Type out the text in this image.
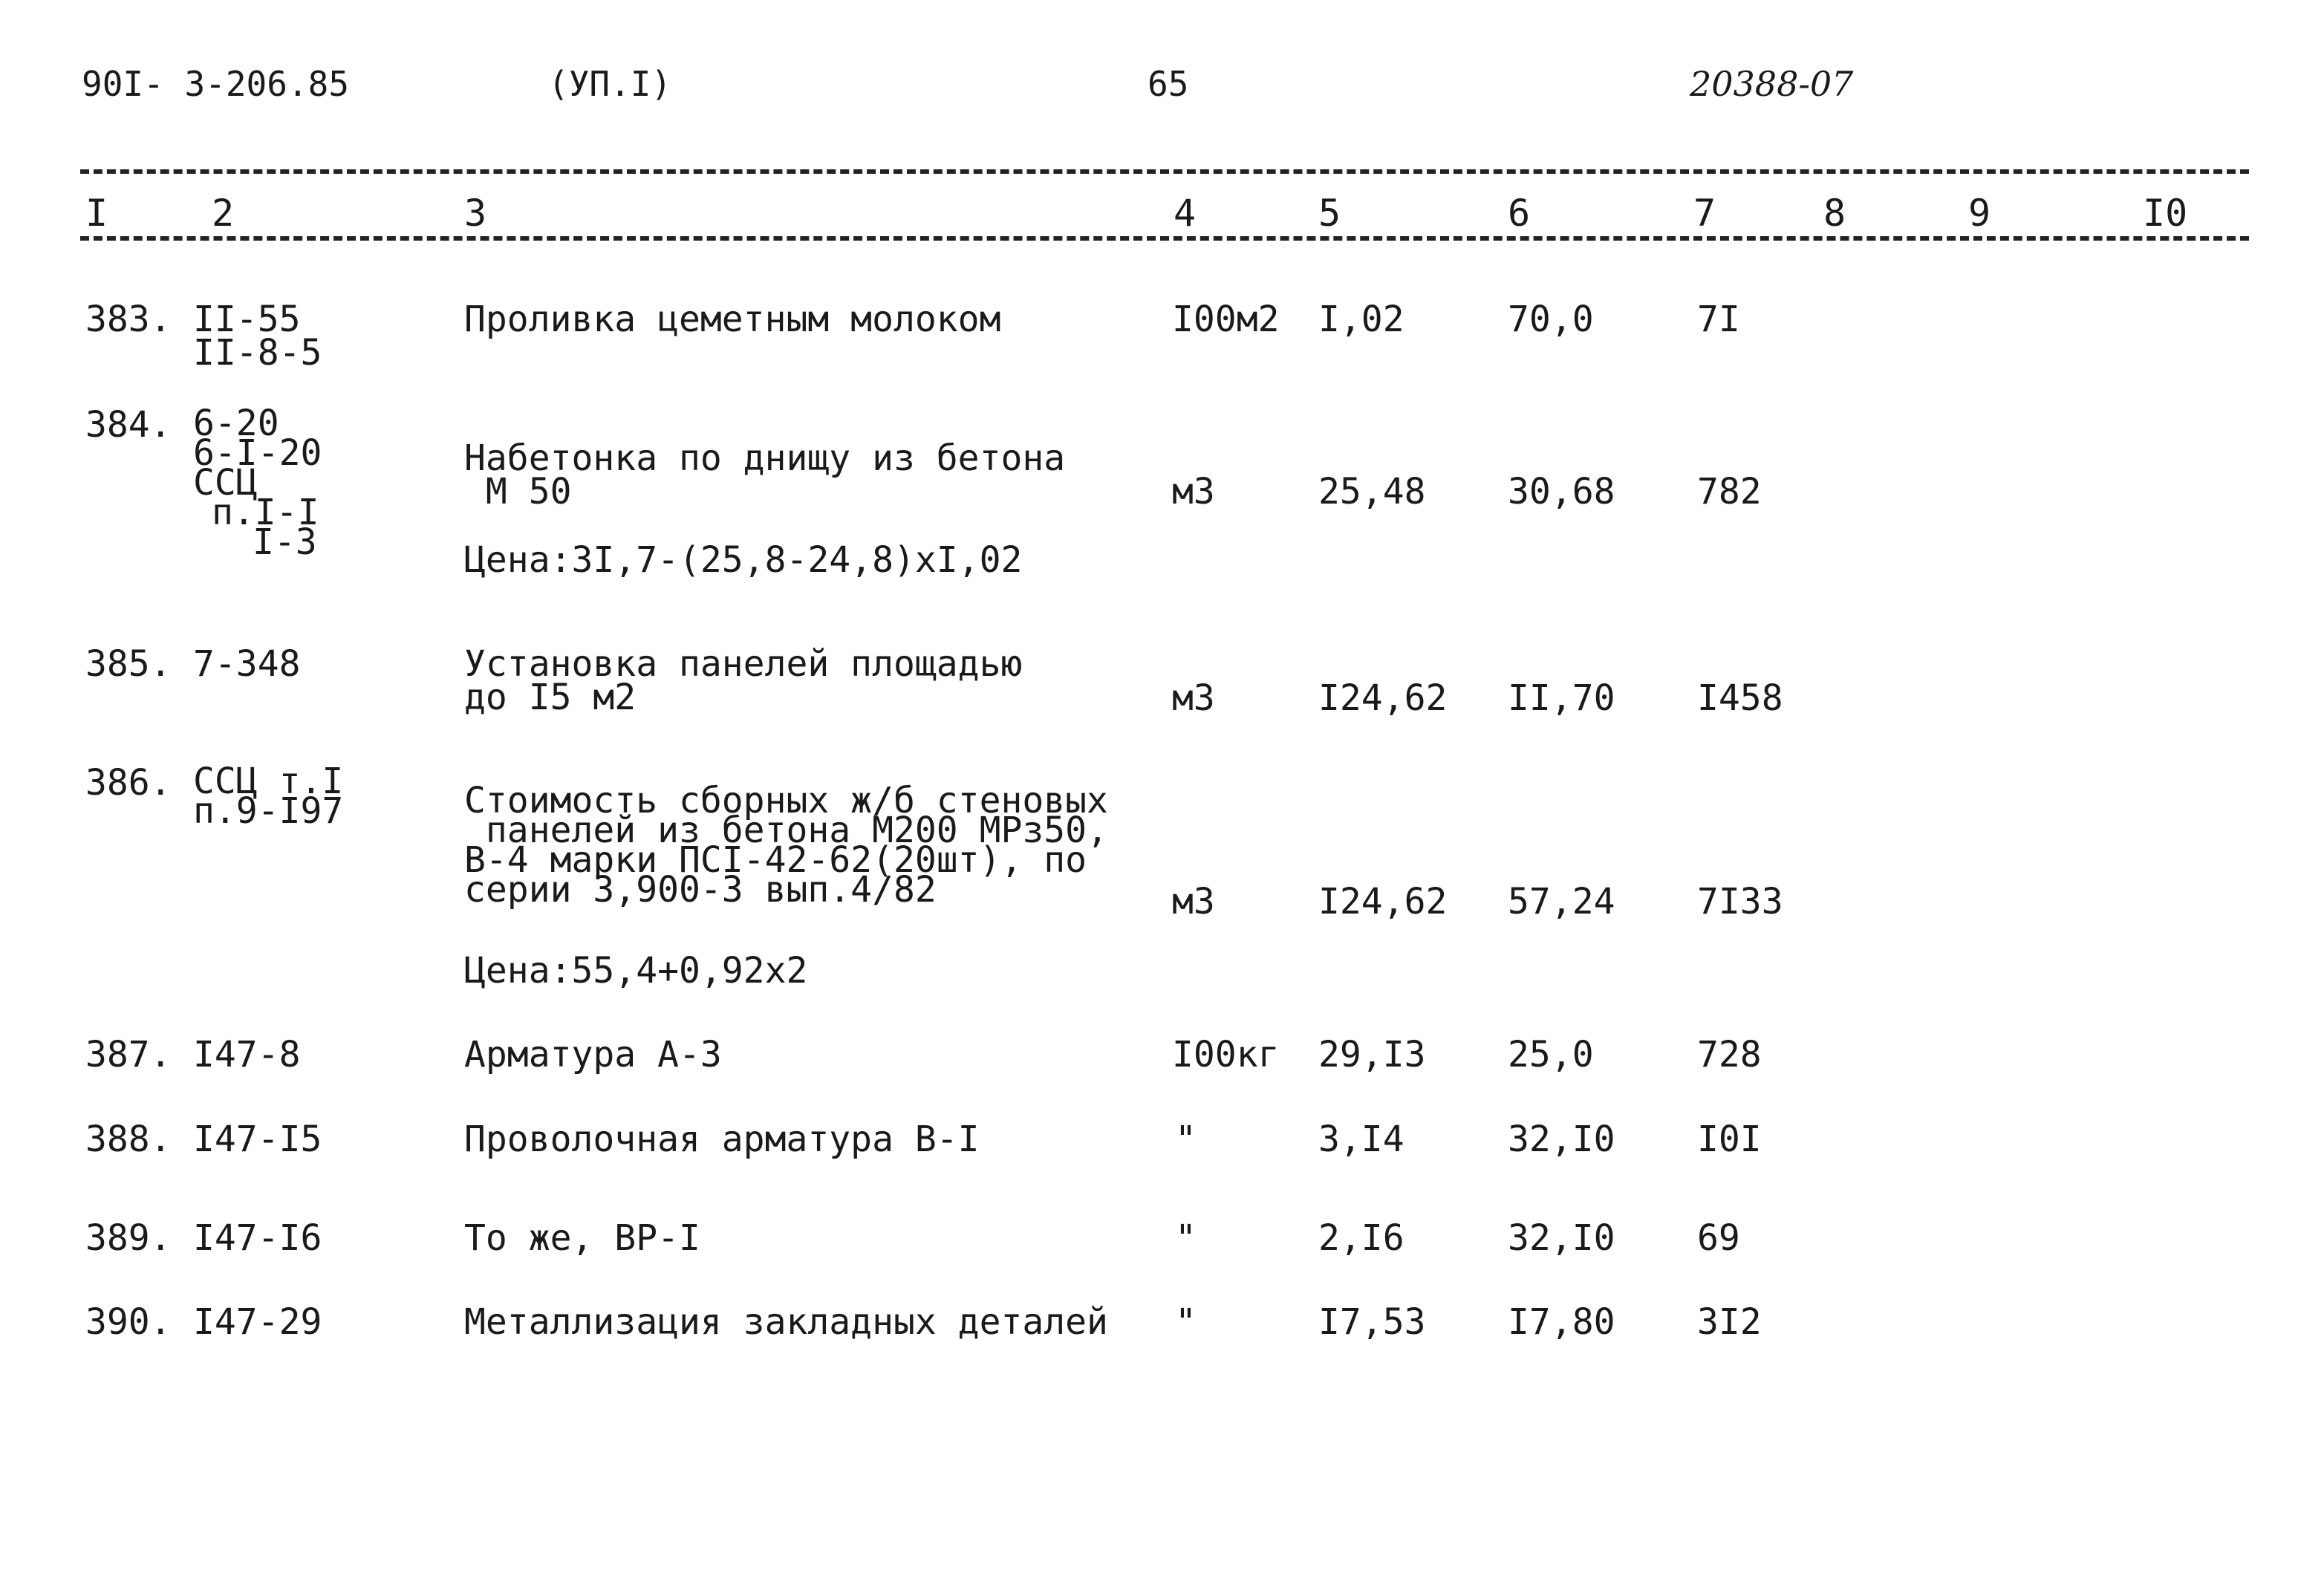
90I- 3-206.85	(УП.I)	65	20388-07
I	2	3	4	5	6	7	8	9	I0
383. II-55
II-8-5
Проливка цеметным молоком	I00м2 I,02	70,0	7I
384. 6-20
6-I-20
ССЦ
п.I-I
I-3
Набетонка по днищу из бетона
М 50
Цена:3I,7-(25,8-24,8)хI,02
м3	25,48 30,68 782
385. 7-348	Установка панелей площадью
до I5 м2	м3	I24,62 II,70 I458
386. ССЦ т.I
п.9-I97	Стоимость сборных ж/б стеновых
панелей из бетона М200 МРз50,
В-4 марки ПСI-42-62(20шт), по
серии 3,900-3 вып.4/82
Цена:55,4+0,92х2
м3	I24,62 57,24 7I33
387. I47-8	Арматура А-3	I00кг 29,I3 25,0	728
388. I47-I5	Проволочная арматура В-I	"	3,I4	32,I0 I0I
389. I47-I6	То же, ВР-I	"	2,I6	32,I0 69
390. I47-29	Металлизация закладных деталей "	I7,53 I7,80 3I2
